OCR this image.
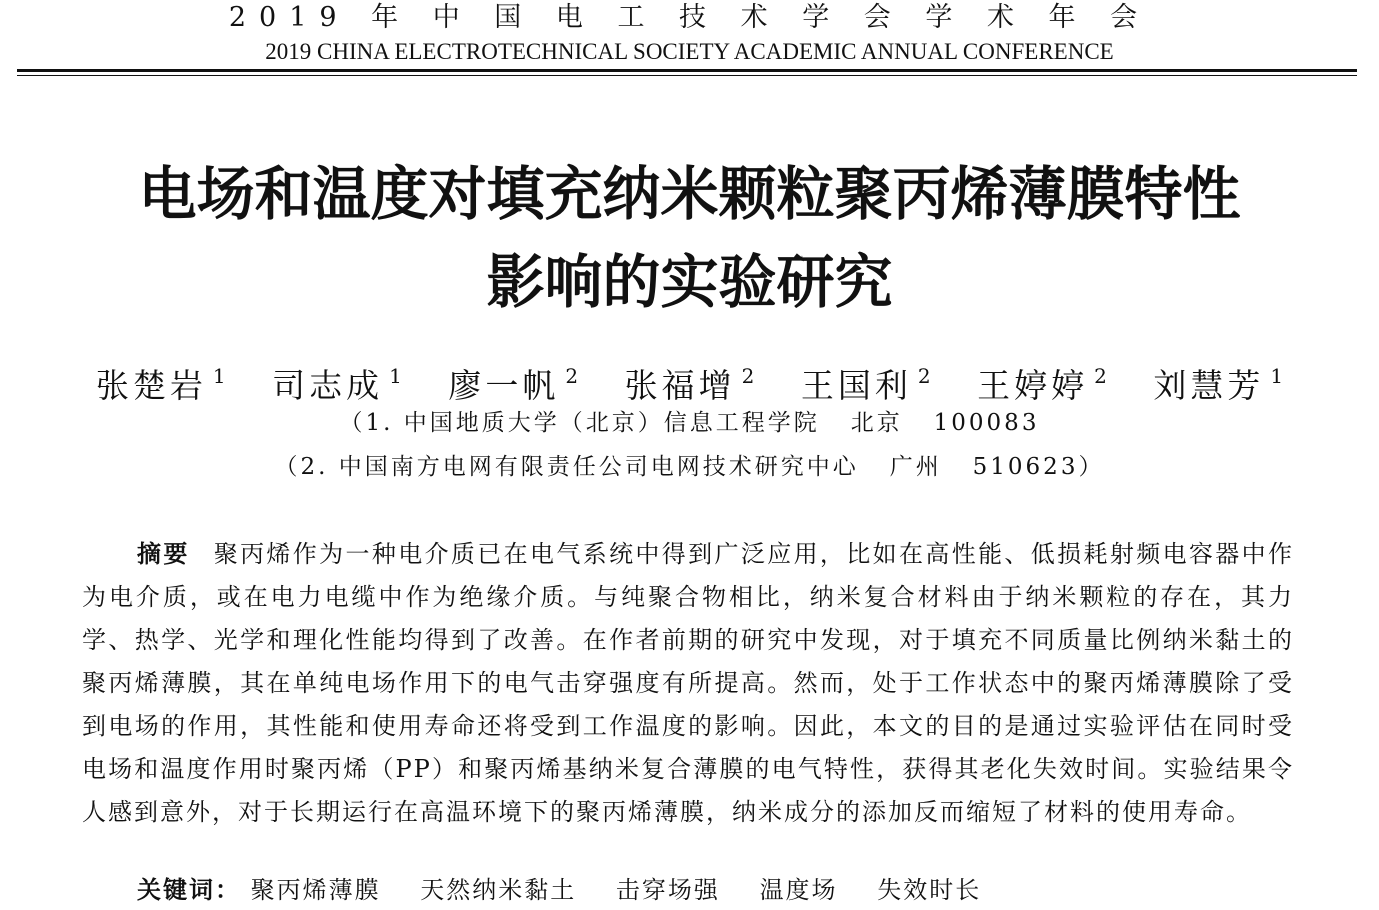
2019 年 中 国 电 工 技 术 学 会 学 术 年 会
2019 CHINA ELECTROTECHNICAL SOCIETY ACADEMIC ANNUAL CONFERENCE
电场和温度对填充纳米颗粒聚丙烯薄膜特性
影响的实验研究
张楚岩 $^1$ 司志成 $^1$ 廖一帆 $^2$ 张福增 $^2$ 王国利 $^2$ 王婷婷 $^2$ 刘慧芳 $^1$
（1. 中国地质大学（北京）信息工程学院   北京   100083
（2. 中国南方电网有限责任公司电网技术研究中心   广州   510623）
摘要 聚丙烯作为一种电介质已在电气系统中得到广泛应用，比如在高性能、低损耗射频电容器中作为电介质，或在电力电缆中作为绝缘介质。与纯聚合物相比，纳米复合材料由于纳米颗粒的存在，其力学、热学、光学和理化性能均得到了改善。在作者前期的研究中发现，对于填充不同质量比例纳米黏土的聚丙烯薄膜，其在单纯电场作用下的电气击穿强度有所提高。然而，处于工作状态中的聚丙烯薄膜除了受到电场的作用，其性能和使用寿命还将受到工作温度的影响。因此，本文的目的是通过实验评估在同时受电场和温度作用时聚丙烯（PP）和聚丙烯基纳米复合薄膜的电气特性，获得其老化失效时间。实验结果令人感到意外，对于长期运行在高温环境下的聚丙烯薄膜，纳米成分的添加反而缩短了材料的使用寿命。
关键词： 聚丙烯薄膜 天然纳米黏土 击穿场强 温度场 失效时长
